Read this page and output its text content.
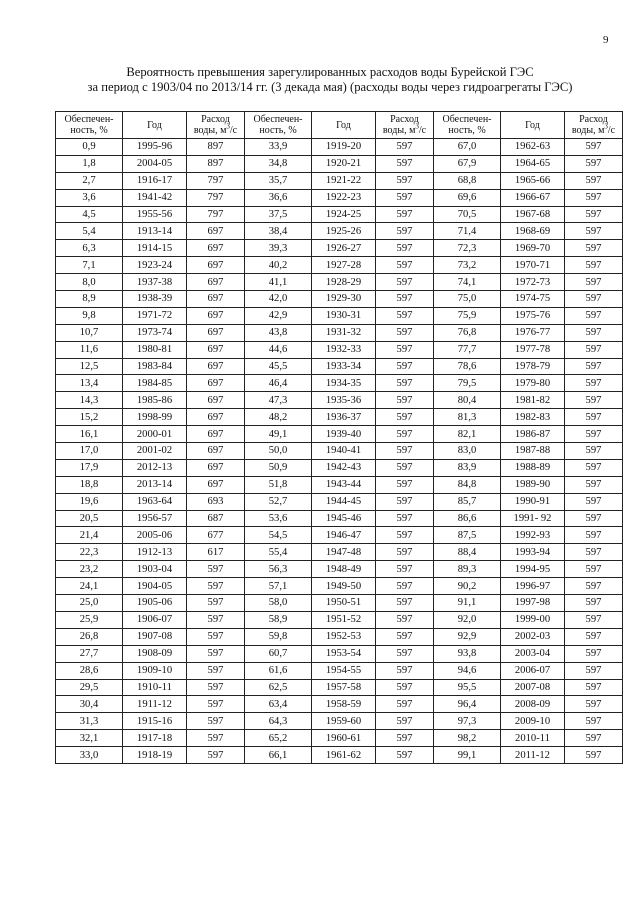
9
Вероятность превышения зарегулированных расходов воды Бурейской ГЭС
за период с 1903/04 по 2013/14 гг. (3 декада мая) (расходы воды через гидроагрегаты ГЭС)
Обеспечен-
ность, %	Год	Расход
воды, $м^3/с$	Обеспечен-
ность, %	Год	Расход
воды, $м^3/с$	Обеспечен-
ность, %	Год	Расход
воды, $м^3/с$
0,9	1995-96	897	33,9	1919-20	597	67,0	1962-63	597
1,8	2004-05	897	34,8	1920-21	597	67,9	1964-65	597
2,7	1916-17	797	35,7	1921-22	597	68,8	1965-66	597
3,6	1941-42	797	36,6	1922-23	597	69,6	1966-67	597
4,5	1955-56	797	37,5	1924-25	597	70,5	1967-68	597
5,4	1913-14	697	38,4	1925-26	597	71,4	1968-69	597
6,3	1914-15	697	39,3	1926-27	597	72,3	1969-70	597
7,1	1923-24	697	40,2	1927-28	597	73,2	1970-71	597
8,0	1937-38	697	41,1	1928-29	597	74,1	1972-73	597
8,9	1938-39	697	42,0	1929-30	597	75,0	1974-75	597
9,8	1971-72	697	42,9	1930-31	597	75,9	1975-76	597
10,7	1973-74	697	43,8	1931-32	597	76,8	1976-77	597
11,6	1980-81	697	44,6	1932-33	597	77,7	1977-78	597
12,5	1983-84	697	45,5	1933-34	597	78,6	1978-79	597
13,4	1984-85	697	46,4	1934-35	597	79,5	1979-80	597
14,3	1985-86	697	47,3	1935-36	597	80,4	1981-82	597
15,2	1998-99	697	48,2	1936-37	597	81,3	1982-83	597
16,1	2000-01	697	49,1	1939-40	597	82,1	1986-87	597
17,0	2001-02	697	50,0	1940-41	597	83,0	1987-88	597
17,9	2012-13	697	50,9	1942-43	597	83,9	1988-89	597
18,8	2013-14	697	51,8	1943-44	597	84,8	1989-90	597
19,6	1963-64	693	52,7	1944-45	597	85,7	1990-91	597
20,5	1956-57	687	53,6	1945-46	597	86,6	1991- 92	597
21,4	2005-06	677	54,5	1946-47	597	87,5	1992-93	597
22,3	1912-13	617	55,4	1947-48	597	88,4	1993-94	597
23,2	1903-04	597	56,3	1948-49	597	89,3	1994-95	597
24,1	1904-05	597	57,1	1949-50	597	90,2	1996-97	597
25,0	1905-06	597	58,0	1950-51	597	91,1	1997-98	597
25,9	1906-07	597	58,9	1951-52	597	92,0	1999-00	597
26,8	1907-08	597	59,8	1952-53	597	92,9	2002-03	597
27,7	1908-09	597	60,7	1953-54	597	93,8	2003-04	597
28,6	1909-10	597	61,6	1954-55	597	94,6	2006-07	597
29,5	1910-11	597	62,5	1957-58	597	95,5	2007-08	597
30,4	1911-12	597	63,4	1958-59	597	96,4	2008-09	597
31,3	1915-16	597	64,3	1959-60	597	97,3	2009-10	597
32,1	1917-18	597	65,2	1960-61	597	98,2	2010-11	597
33,0	1918-19	597	66,1	1961-62	597	99,1	2011-12	597
